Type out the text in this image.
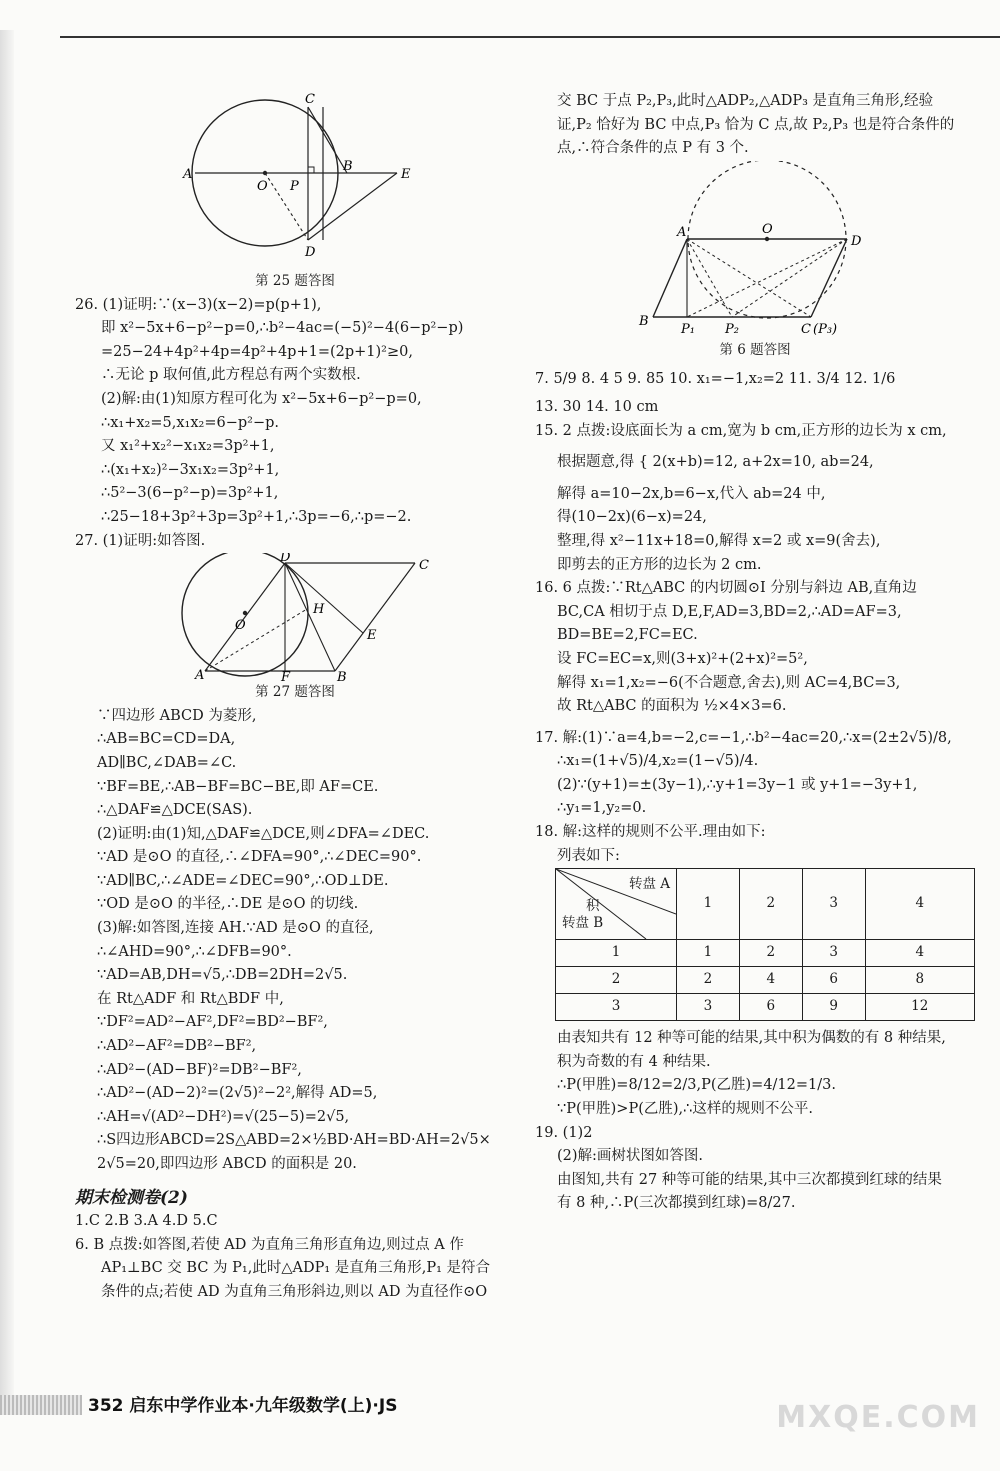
A
O P
B
E
C
D
第 25 题答图
26. (1)证明:∵(x−3)(x−2)=p(p+1),
即 x²−5x+6−p²−p=0,∴b²−4ac=(−5)²−4(6−p²−p)
=25−24+4p²+4p=4p²+4p+1=(2p+1)²≥0,
∴无论 p 取何值,此方程总有两个实数根.
(2)解:由(1)知原方程可化为 x²−5x+6−p²−p=0,
∴x₁+x₂=5,x₁x₂=6−p²−p.
又 x₁²+x₂²−x₁x₂=3p²+1,
∴(x₁+x₂)²−3x₁x₂=3p²+1,
∴5²−3(6−p²−p)=3p²+1,
∴25−18+3p²+3p=3p²+1,∴3p=−6,∴p=−2.
27. (1)证明:如答图.
D
C
O
H
E
A	F	B
第 27 题答图
∵四边形 ABCD 为菱形,
∴AB=BC=CD=DA,
AD∥BC,∠DAB=∠C.
∵BF=BE,∴AB−BF=BC−BE,即 AF=CE.
∴△DAF≌△DCE(SAS).
(2)证明:由(1)知,△DAF≌△DCE,则∠DFA=∠DEC.
∵AD 是⊙O 的直径,∴∠DFA=90°,∴∠DEC=90°.
∵AD∥BC,∴∠ADE=∠DEC=90°,∴OD⊥DE.
∵OD 是⊙O 的半径,∴DE 是⊙O 的切线.
(3)解:如答图,连接 AH.∵AD 是⊙O 的直径,
∴∠AHD=90°,∴∠DFB=90°.
∵AD=AB,DH=√5,∴DB=2DH=2√5.
在 Rt△ADF 和 Rt△BDF 中,
∵DF²=AD²−AF²,DF²=BD²−BF²,
∴AD²−AF²=DB²−BF²,
∴AD²−(AD−BF)²=DB²−BF²,
∴AD²−(AD−2)²=(2√5)²−2²,解得 AD=5,
∴AH=√(AD²−DH²)=√(25−5)=2√5,
∴S四边形ABCD=2S△ABD=2×½BD·AH=BD·AH=2√5×
2√5=20,即四边形 ABCD 的面积是 20.
期末检测卷(2)
1.C 2.B 3.A 4.D 5.C
6. B 点拨:如答图,若使 AD 为直角三角形直角边,则过点 A 作
AP₁⊥BC 交 BC 为 P₁,此时△ADP₁ 是直角三角形,P₁ 是符合
条件的点;若使 AD 为直角三角形斜边,则以 AD 为直径作⊙O
交 BC 于点 P₂,P₃,此时△ADP₂,△ADP₃ 是直角三角形,经验
证,P₂ 恰好为 BC 中点,P₃ 恰为 C 点,故 P₂,P₃ 也是符合条件的
点,∴符合条件的点 P 有 3 个.
A	O
D
B
P₁ P₂	C (P₃)
第 6 题答图
7. 5/9 8. 4 5 9. 85 10. x₁=−1,x₂=2 11. 3/4 12. 1/6
13. 30 14. 10 cm
15. 2 点拨:设底面长为 a cm,宽为 b cm,正方形的边长为 x cm,
根据题意,得 { 2(x+b)=12, a+2x=10, ab=24,
解得 a=10−2x,b=6−x,代入 ab=24 中,
得(10−2x)(6−x)=24,
整理,得 x²−11x+18=0,解得 x=2 或 x=9(舍去),
即剪去的正方形的边长为 2 cm.
16. 6 点拨:∵Rt△ABC 的内切圆⊙I 分别与斜边 AB,直角边
BC,CA 相切于点 D,E,F,AD=3,BD=2,∴AD=AF=3,
BD=BE=2,FC=EC.
设 FC=EC=x,则(3+x)²+(2+x)²=5²,
解得 x₁=1,x₂=−6(不合题意,舍去),则 AC=4,BC=3,
故 Rt△ABC 的面积为 ½×4×3=6.
17. 解:(1)∵a=4,b=−2,c=−1,∴b²−4ac=20,∴x=(2±2√5)/8,
∴x₁=(1+√5)/4,x₂=(1−√5)/4.
(2)∵(y+1)=±(3y−1),∴y+1=3y−1 或 y+1=−3y+1,
∴y₁=1,y₂=0.
18. 解:这样的规则不公平.理由如下:
列表如下:
转盘 A
积
转盘 B	1	2	3	4
1	1	2	3	4
2	2	4	6	8
3	3	6	9	12
由表知共有 12 种等可能的结果,其中积为偶数的有 8 种结果,
积为奇数的有 4 种结果.
∴P(甲胜)=8/12=2/3,P(乙胜)=4/12=1/3.
∵P(甲胜)>P(乙胜),∴这样的规则不公平.
19. (1)2
(2)解:画树状图如答图.
由图知,共有 27 种等可能的结果,其中三次都摸到红球的结果
有 8 种,∴P(三次都摸到红球)=8/27.
352 启东中学作业本·九年级数学(上)·JS	MXQE.COM
